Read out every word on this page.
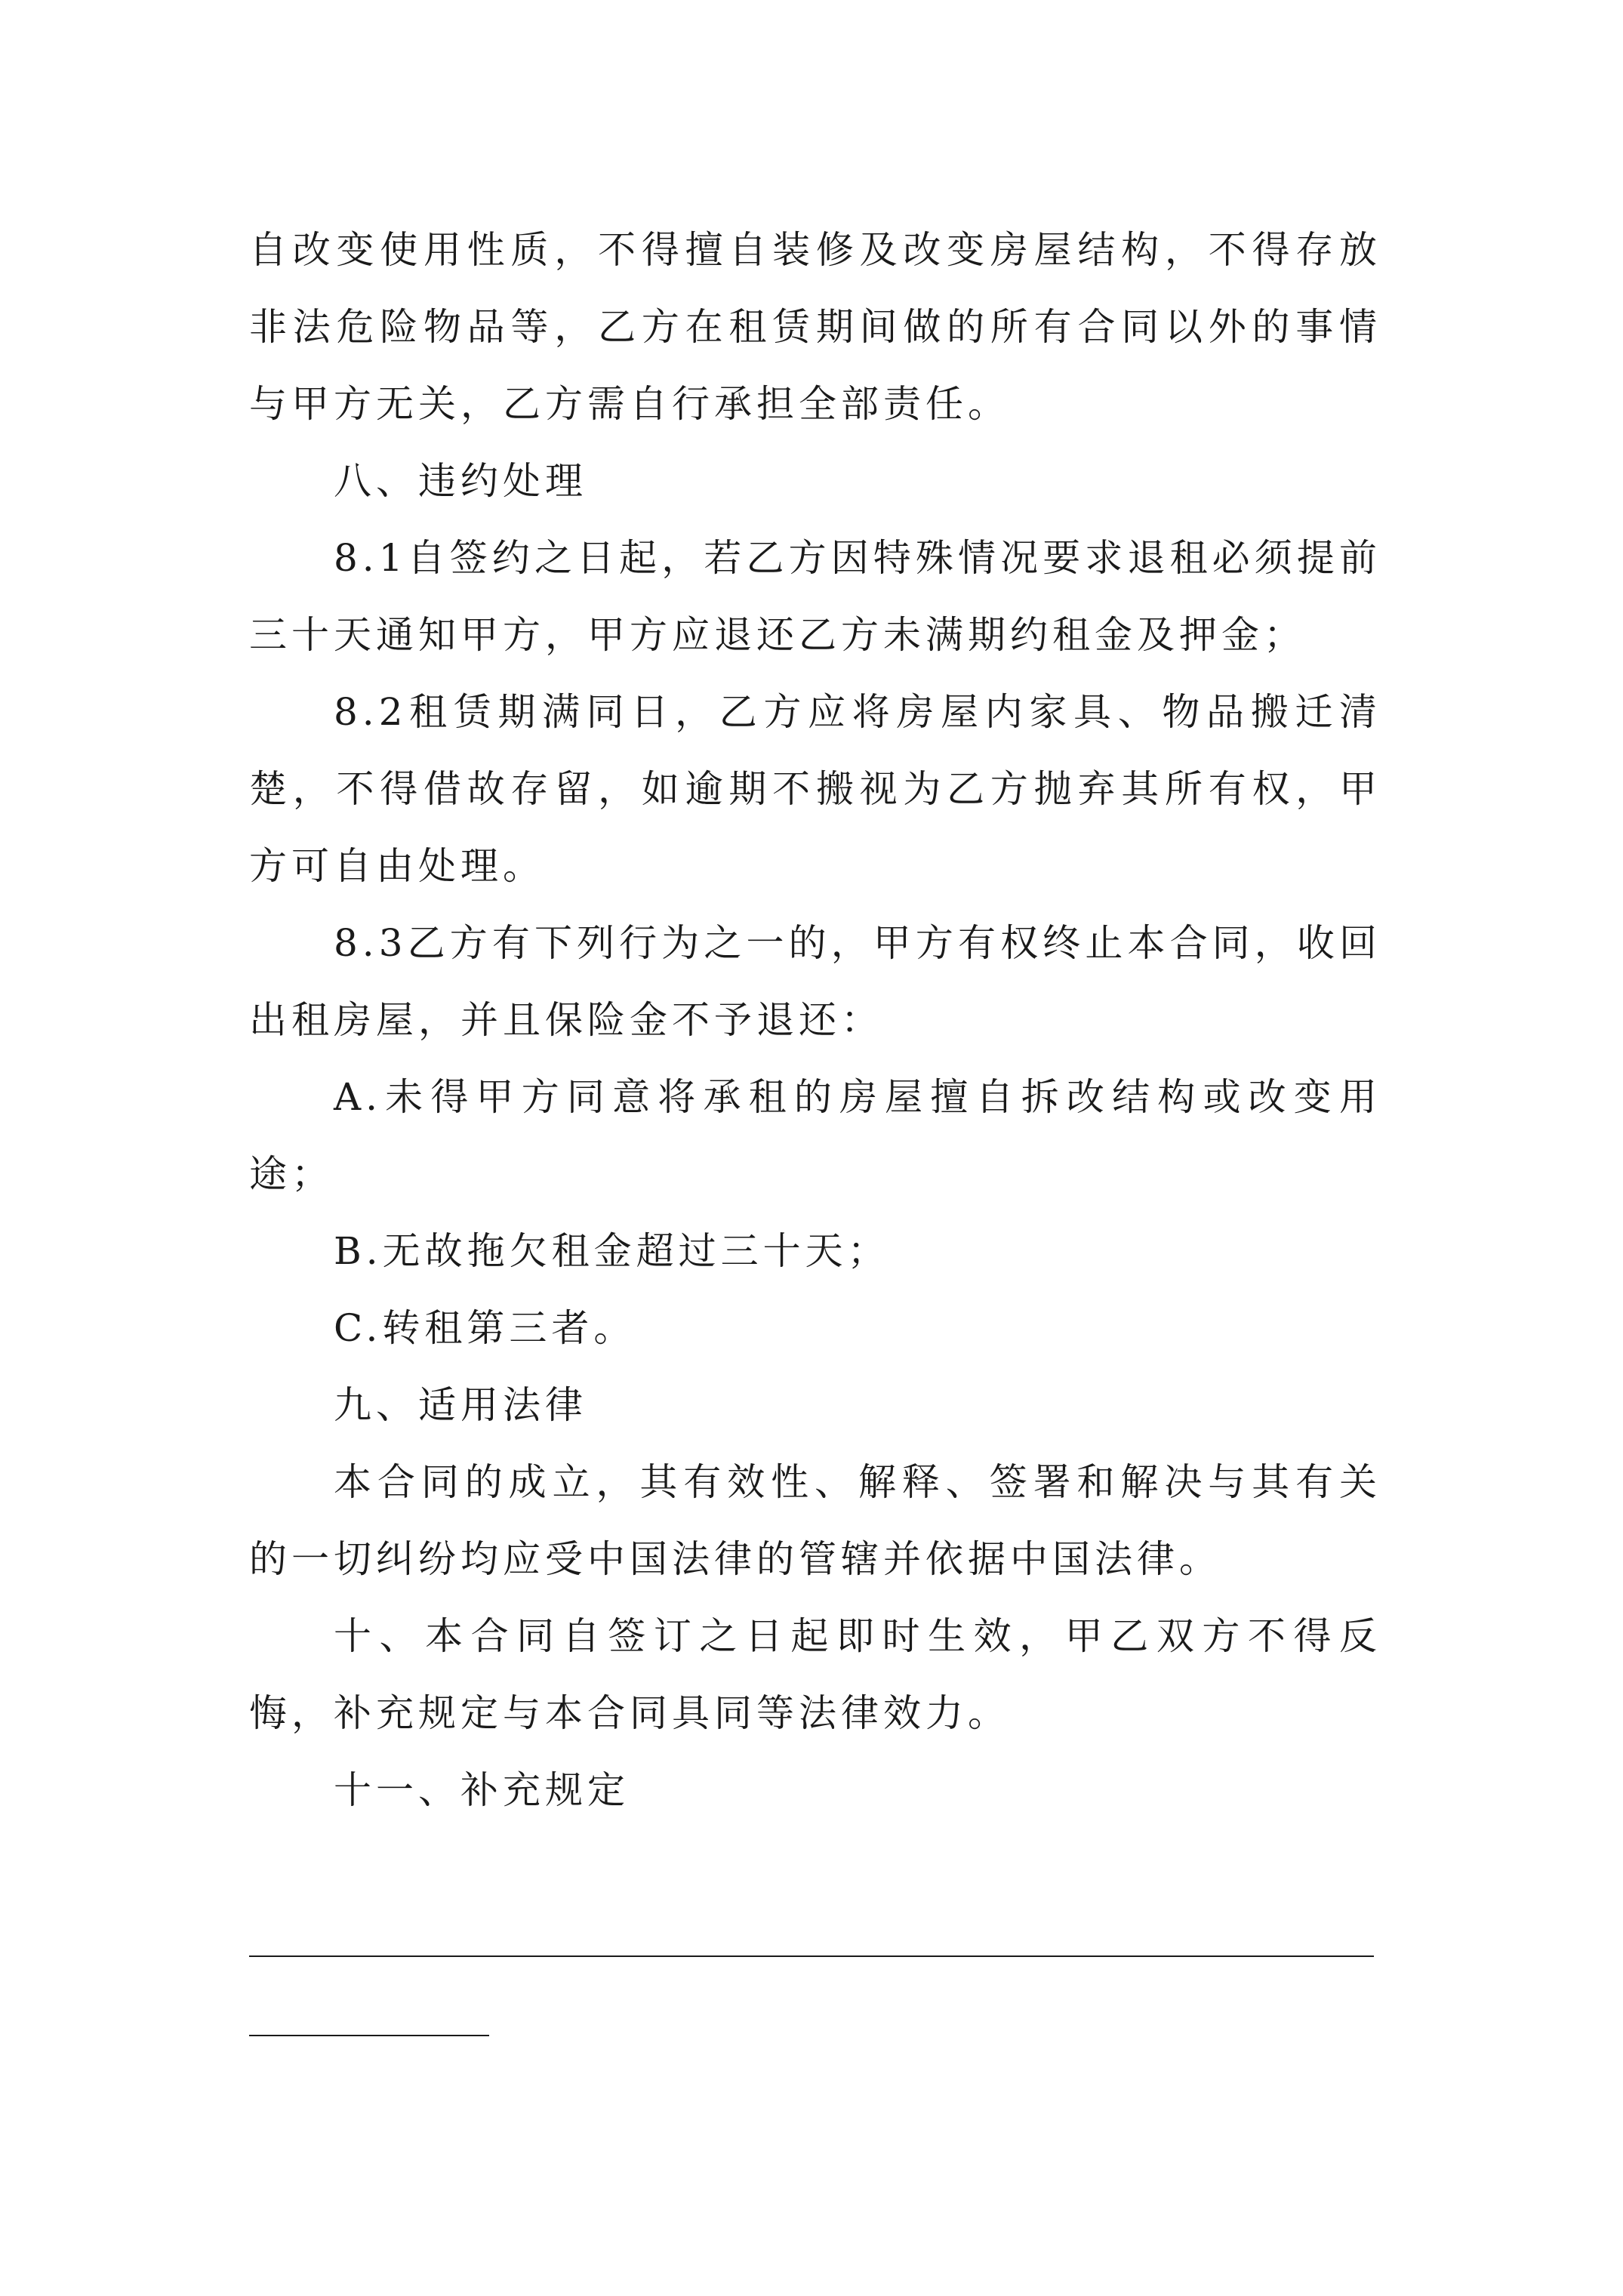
自改变使用性质，不得擅自装修及改变房屋结构，不得存放非法危险物品等，乙方在租赁期间做的所有合同以外的事情与甲方无关，乙方需自行承担全部责任。

八、违约处理

8.1自签约之日起，若乙方因特殊情况要求退租必须提前三十天通知甲方，甲方应退还乙方未满期约租金及押金；

8.2租赁期满同日，乙方应将房屋内家具、物品搬迁清楚，不得借故存留，如逾期不搬视为乙方抛弃其所有权，甲方可自由处理。

8.3乙方有下列行为之一的，甲方有权终止本合同，收回出租房屋，并且保险金不予退还：

A.未得甲方同意将承租的房屋擅自拆改结构或改变用途；

B.无故拖欠租金超过三十天；

C.转租第三者。

九、适用法律

本合同的成立，其有效性、解释、签署和解决与其有关的一切纠纷均应受中国法律的管辖并依据中国法律。

十、本合同自签订之日起即时生效，甲乙双方不得反悔，补充规定与本合同具同等法律效力。

十一、补充规定
